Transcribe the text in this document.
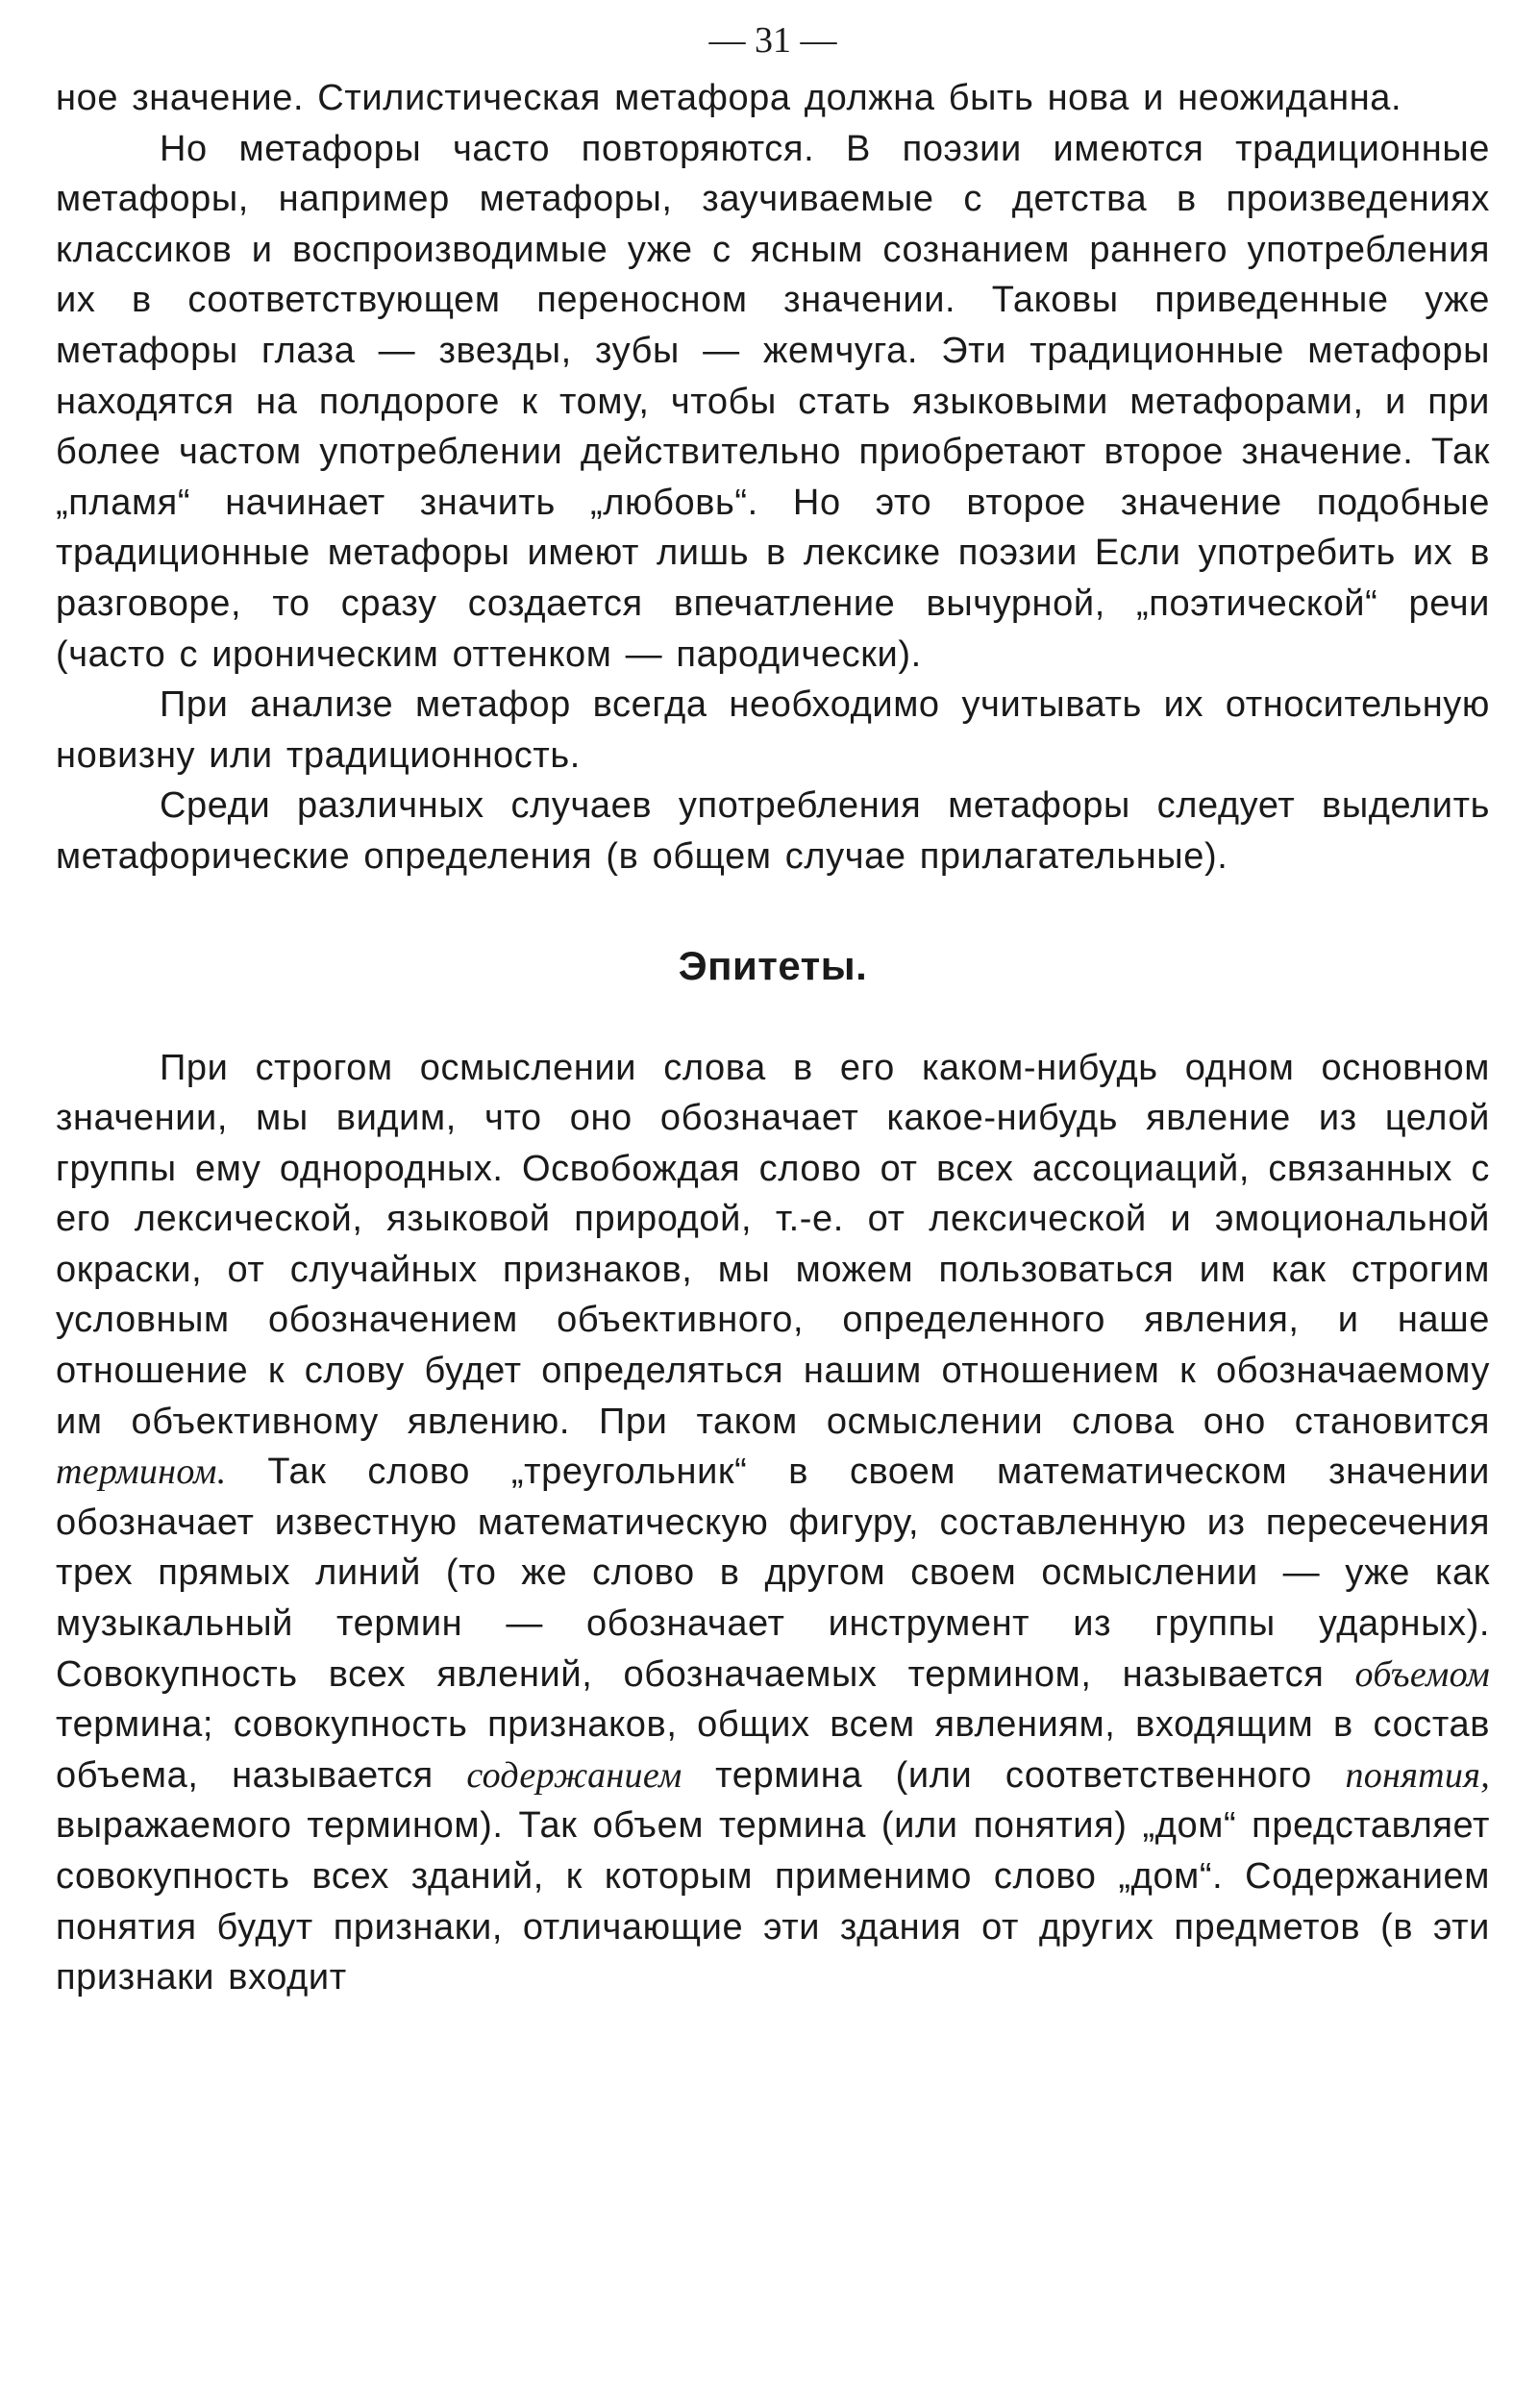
— 31 —

ное значение. Стилистическая метафора должна быть нова и неожиданна.

Но метафоры часто повторяются. В поэзии имеются традиционные метафоры, например метафоры, заучиваемые с детства в произведениях классиков и воспроизводимые уже с ясным сознанием раннего употребления их в соответствующем переносном значении. Таковы приведенные уже метафоры глаза — звезды, зубы — жемчуга. Эти традиционные метафоры находятся на полдороге к тому, чтобы стать языковыми метафорами, и при более частом употреблении действительно приобретают второе значение. Так „пламя“ начинает значить „любовь“. Но это второе значение подобные традиционные метафоры имеют лишь в лексике поэзии Если употребить их в разговоре, то сразу создается впечатление вычурной, „поэтической“ речи (часто с ироническим оттенком — пародически).

При анализе метафор всегда необходимо учитывать их относительную новизну или традиционность.

Среди различных случаев употребления метафоры следует выделить метафорические определения (в общем случае прилагательные).

Эпитеты.

При строгом осмыслении слова в его каком-нибудь одном основном значении, мы видим, что оно обозначает какое-нибудь явление из целой группы ему однородных. Освобождая слово от всех ассоциаций, связанных с его лексической, языковой природой, т.-е. от лексической и эмоциональной окраски, от случайных признаков, мы можем пользоваться им как строгим условным обозначением объективного, определенного явления, и наше отношение к слову будет определяться нашим отношением к обозначаемому им объективному явлению. При таком осмыслении слова оно становится термином. Так слово „треугольник“ в своем математическом значении обозначает известную математическую фигуру, составленную из пересечения трех прямых линий (то же слово в другом своем осмыслении — уже как музыкальный термин — обозначает инструмент из группы ударных). Совокупность всех явлений, обозначаемых термином, называется объемом термина; совокупность признаков, общих всем явлениям, входящим в состав объема, называется содержанием термина (или соответственного понятия, выражаемого термином). Так объем термина (или понятия) „дом“ представляет совокупность всех зданий, к которым применимо слово „дом“. Содержанием понятия будут признаки, отличающие эти здания от других предметов (в эти признаки входит
